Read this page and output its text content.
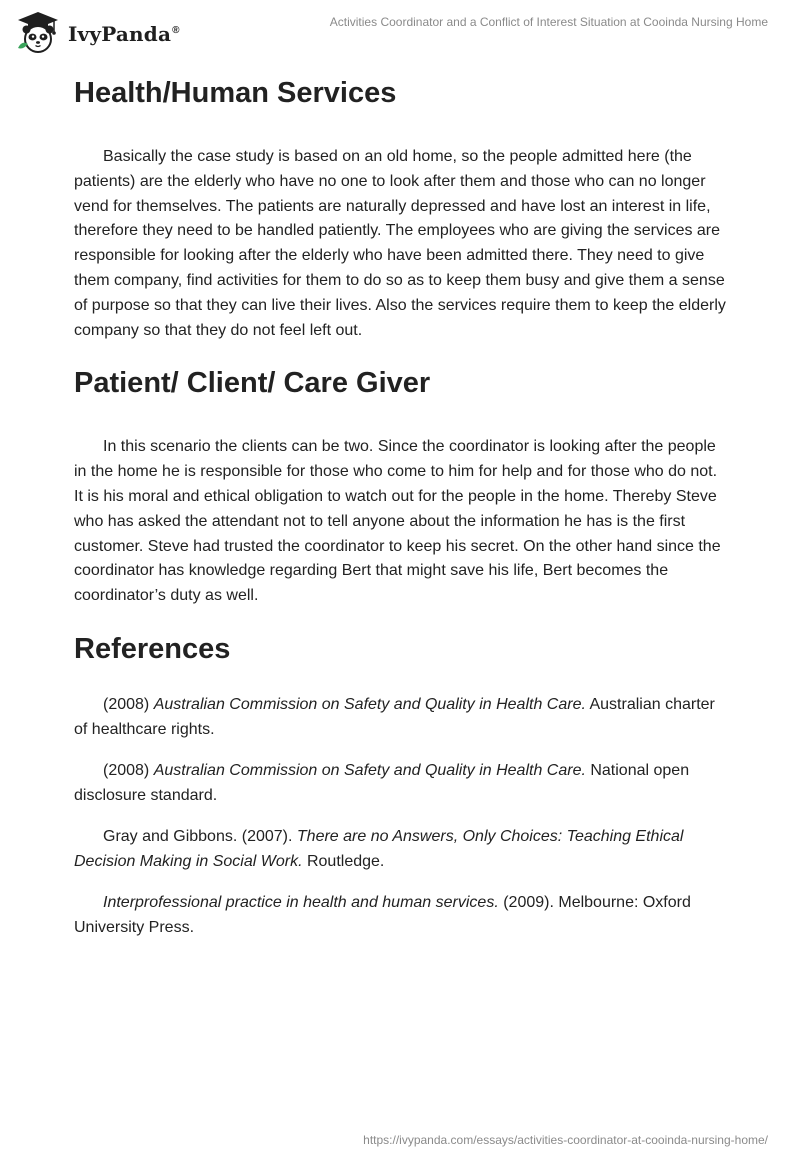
IvyPanda®
Activities Coordinator and a Conflict of Interest Situation at Cooinda Nursing Home
Health/Human Services

Basically the case study is based on an old home, so the people admitted here (the patients) are the elderly who have no one to look after them and those who can no longer vend for themselves. The patients are naturally depressed and have lost an interest in life, therefore they need to be handled patiently. The employees who are giving the services are responsible for looking after the elderly who have been admitted there. They need to give them company, find activities for them to do so as to keep them busy and give them a sense of purpose so that they can live their lives. Also the services require them to keep the elderly company so that they do not feel left out.

Patient/ Client/ Care Giver

In this scenario the clients can be two. Since the coordinator is looking after the people in the home he is responsible for those who come to him for help and for those who do not. It is his moral and ethical obligation to watch out for the people in the home. Thereby Steve who has asked the attendant not to tell anyone about the information he has is the first customer. Steve had trusted the coordinator to keep his secret. On the other hand since the coordinator has knowledge regarding Bert that might save his life, Bert becomes the coordinator’s duty as well.

References

(2008) Australian Commission on Safety and Quality in Health Care. Australian charter of healthcare rights.

(2008) Australian Commission on Safety and Quality in Health Care. National open disclosure standard.

Gray and Gibbons. (2007). There are no Answers, Only Choices: Teaching Ethical Decision Making in Social Work. Routledge.

Interprofessional practice in health and human services. (2009). Melbourne: Oxford University Press.

https://ivypanda.com/essays/activities-coordinator-at-cooinda-nursing-home/
